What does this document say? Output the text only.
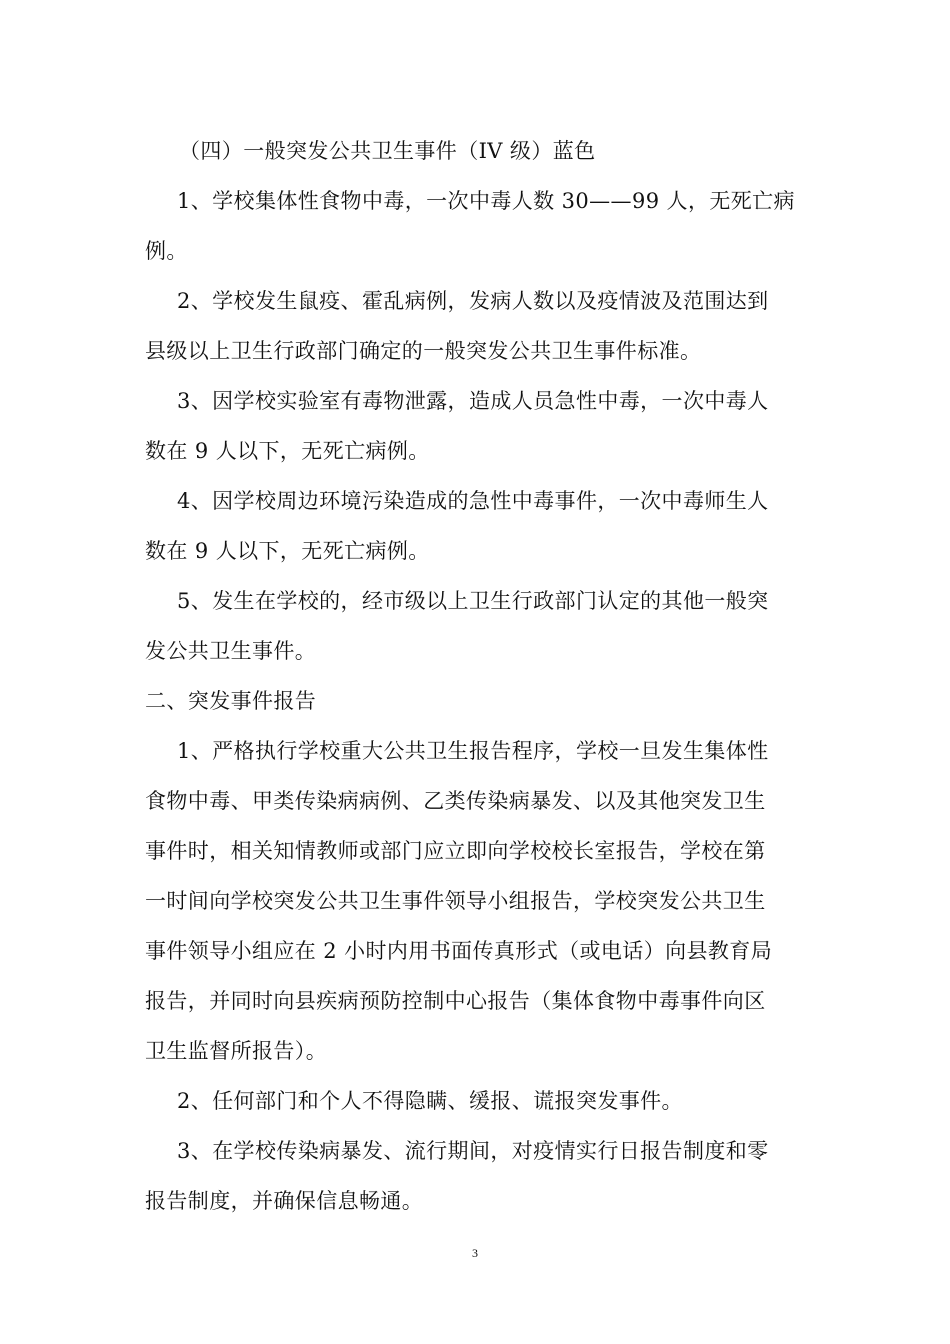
（四）一般突发公共卫生事件（IV 级）蓝色
1、学校集体性食物中毒，一次中毒人数 30——99 人，无死亡病
例。
2、学校发生鼠疫、霍乱病例，发病人数以及疫情波及范围达到
县级以上卫生行政部门确定的一般突发公共卫生事件标准。
3、因学校实验室有毒物泄露，造成人员急性中毒，一次中毒人
数在 9 人以下，无死亡病例。
4、因学校周边环境污染造成的急性中毒事件，一次中毒师生人
数在 9 人以下，无死亡病例。
5、发生在学校的，经市级以上卫生行政部门认定的其他一般突
发公共卫生事件。
二、突发事件报告
1、严格执行学校重大公共卫生报告程序，学校一旦发生集体性
食物中毒、甲类传染病病例、乙类传染病暴发、以及其他突发卫生
事件时，相关知情教师或部门应立即向学校校长室报告，学校在第
一时间向学校突发公共卫生事件领导小组报告，学校突发公共卫生
事件领导小组应在 2 小时内用书面传真形式（或电话）向县教育局
报告，并同时向县疾病预防控制中心报告（集体食物中毒事件向区
卫生监督所报告）。
2、任何部门和个人不得隐瞒、缓报、谎报突发事件。
3、在学校传染病暴发、流行期间，对疫情实行日报告制度和零
报告制度，并确保信息畅通。
3
